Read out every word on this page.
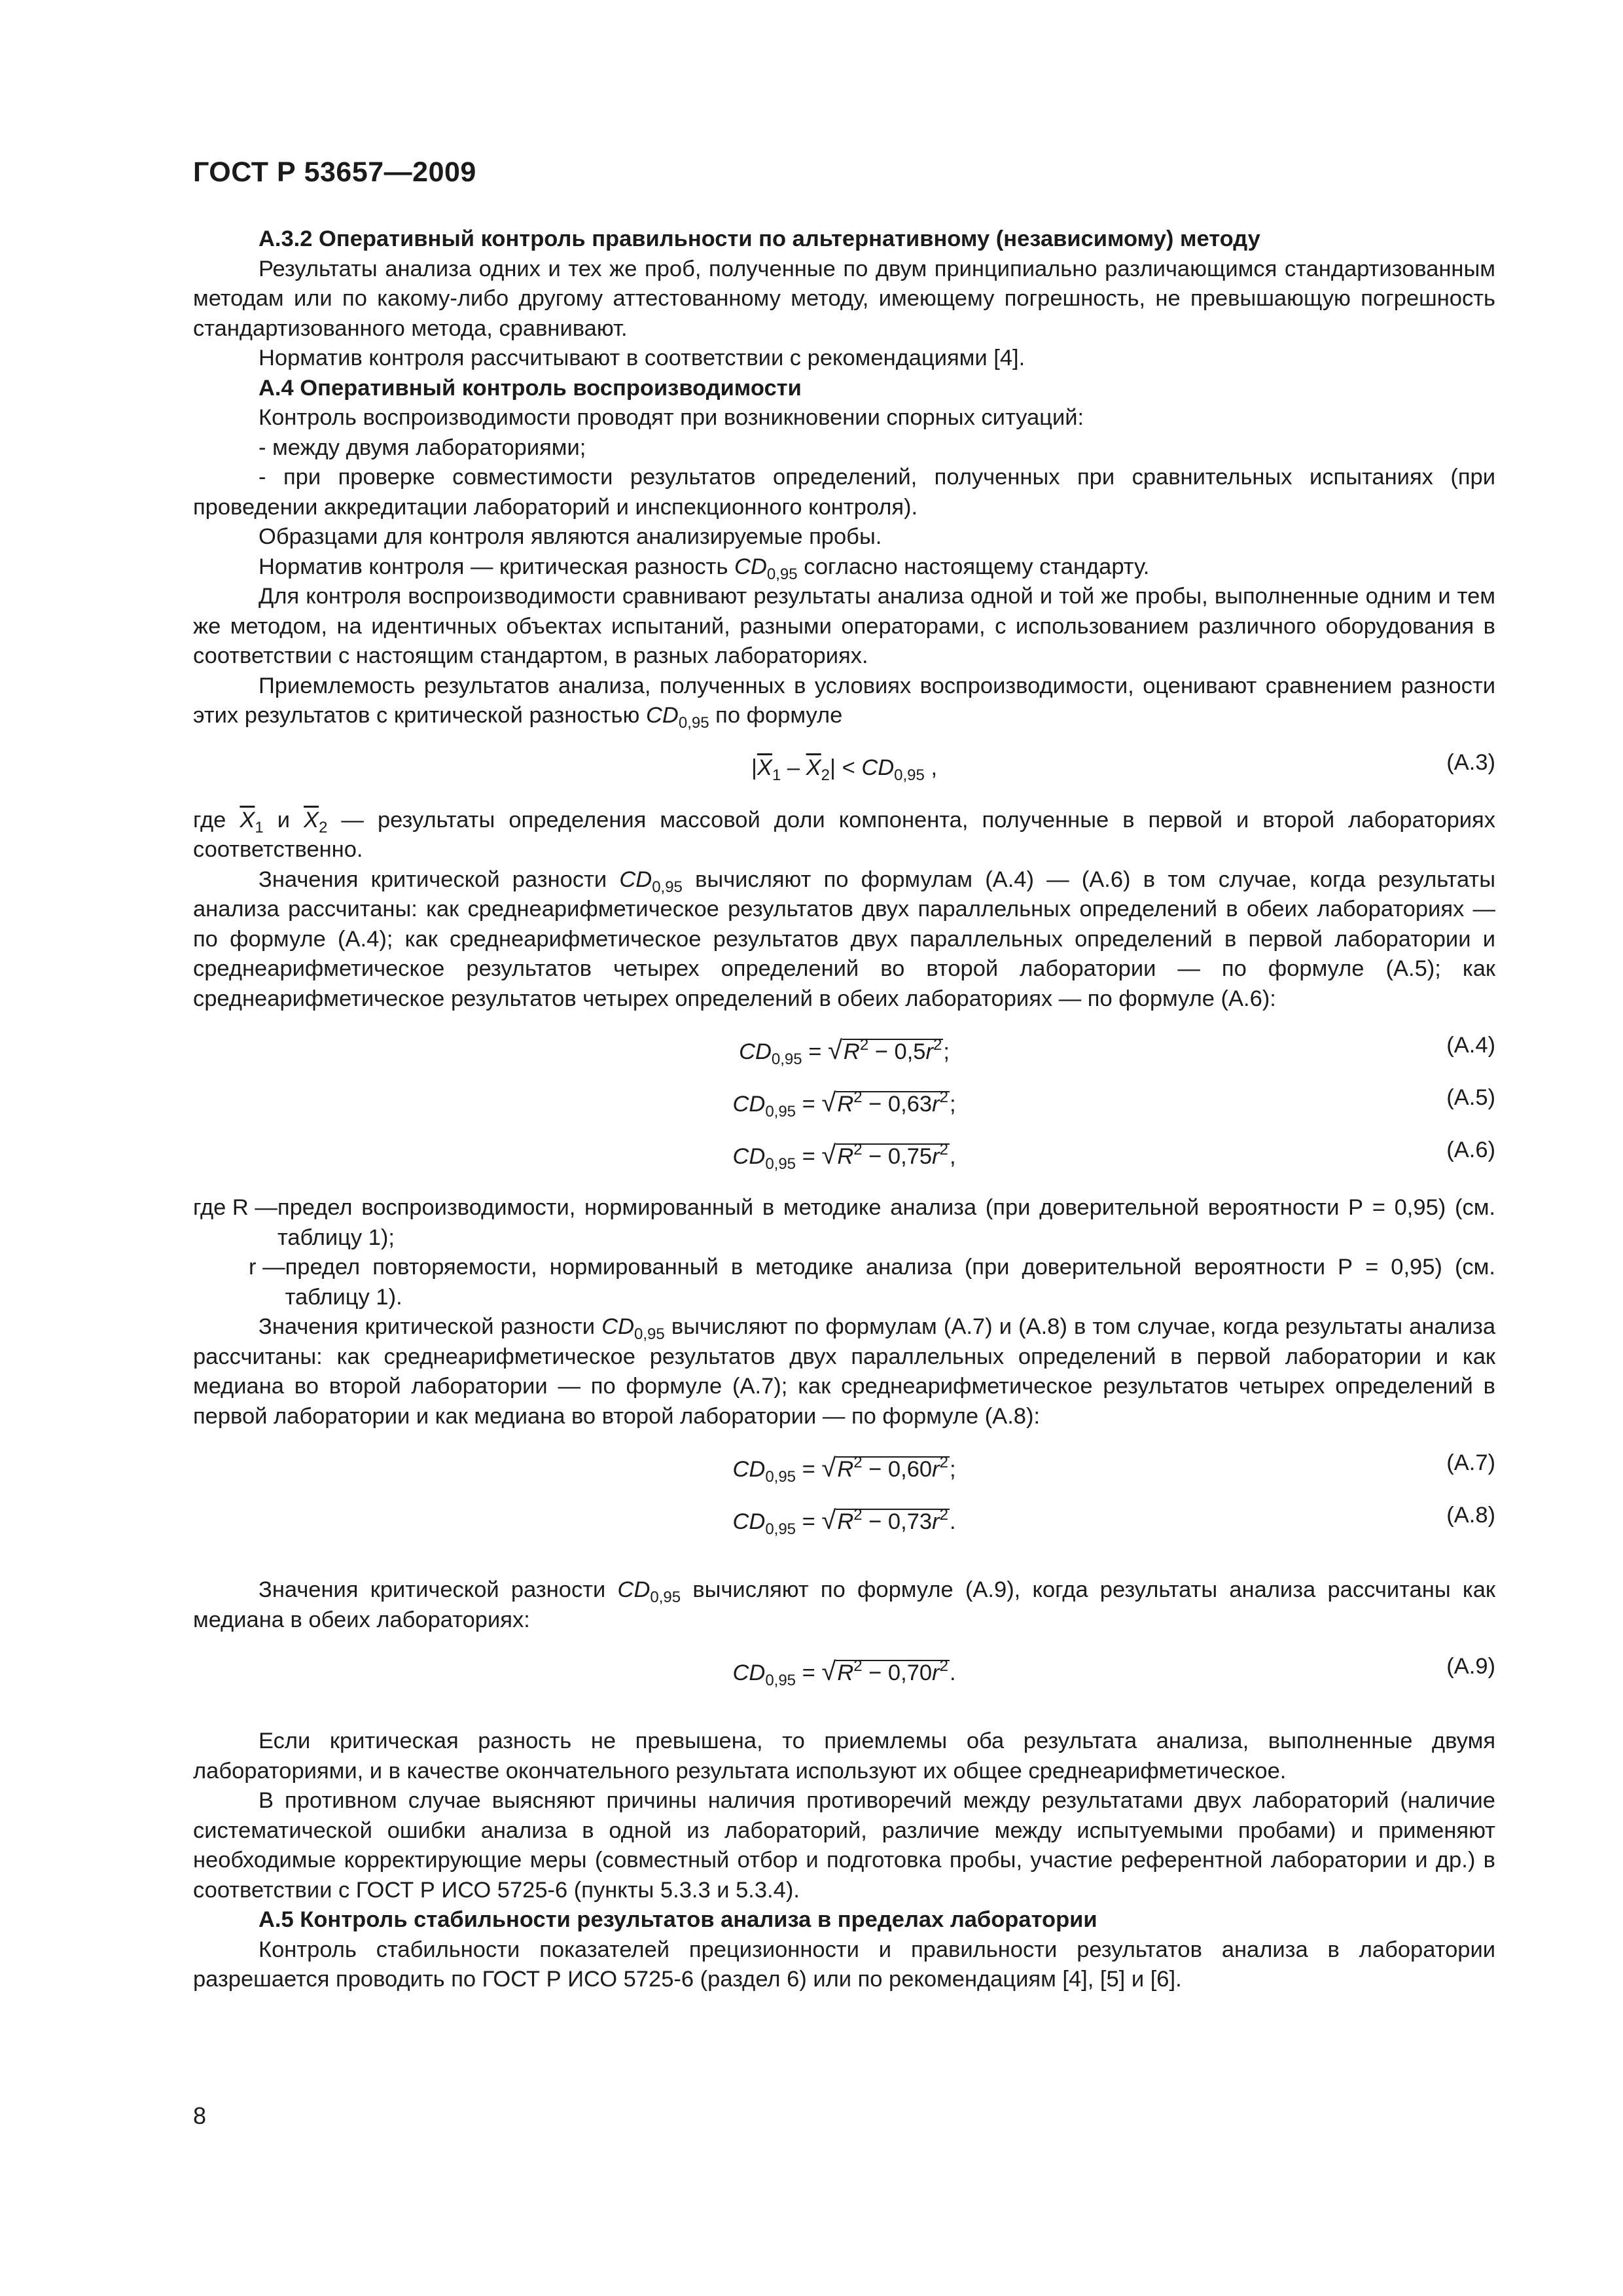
ГОСТ Р 53657—2009

А.3.2 Оперативный контроль правильности по альтернативному (независимому) методу

Результаты анализа одних и тех же проб, полученные по двум принципиально различающимся стандартизованным методам или по какому-либо другому аттестованному методу, имеющему погрешность, не превышающую погрешность стандартизованного метода, сравнивают.

Норматив контроля рассчитывают в соответствии с рекомендациями [4].

А.4 Оперативный контроль воспроизводимости

Контроль воспроизводимости проводят при возникновении спорных ситуаций:

- между двумя лабораториями;

- при проверке совместимости результатов определений, полученных при сравнительных испытаниях (при проведении аккредитации лабораторий и инспекционного контроля).

Образцами для контроля являются анализируемые пробы.

Норматив контроля — критическая разность $CD_{0,95}$ согласно настоящему стандарту.

Для контроля воспроизводимости сравнивают результаты анализа одной и той же пробы, выполненные одним и тем же методом, на идентичных объектах испытаний, разными операторами, с использованием различного оборудования в соответствии с настоящим стандартом, в разных лабораториях.

Приемлемость результатов анализа, полученных в условиях воспроизводимости, оценивают сравнением разности этих результатов с критической разностью $CD_{0,95}$ по формуле

$|\overline{X}_1 - \overline{X}_2| < CD_{0,95}$ ,	(А.3)

где $\overline{X}_1$ и $\overline{X}_2$ — результаты определения массовой доли компонента, полученные в первой и второй лабораториях соответственно.

Значения критической разности $CD_{0,95}$ вычисляют по формулам (А.4) — (А.6) в том случае, когда результаты анализа рассчитаны: как среднеарифметическое результатов двух параллельных определений в обеих лабораториях — по формуле (А.4); как среднеарифметическое результатов двух параллельных определений в первой лаборатории и среднеарифметическое результатов четырех определений во второй лаборатории — по формуле (А.5); как среднеарифметическое результатов четырех определений в обеих лабораториях — по формуле (А.6):

$CD_{0,95} = √R^2 - 0,5r^2$;	(А.4)
$CD_{0,95} = √R^2 - 0,63r^2$;	(А.5)
$CD_{0,95} = √R^2 - 0,75r^2$,	(А.6)
где R — предел воспроизводимости, нормированный в методике анализа (при доверительной вероятности Р = 0,95) (см. таблицу 1);
r — предел повторяемости, нормированный в методике анализа (при доверительной вероятности Р = 0,95) (см. таблицу 1).

Значения критической разности $CD_{0,95}$ вычисляют по формулам (А.7) и (А.8) в том случае, когда результаты анализа рассчитаны: как среднеарифметическое результатов двух параллельных определений в первой лаборатории и как медиана во второй лаборатории — по формуле (А.7); как среднеарифметическое результатов четырех определений в первой лаборатории и как медиана во второй лаборатории — по формуле (А.8):

$CD_{0,95} = √R^2 - 0,60r^2$;	(А.7)
$CD_{0,95} = √R^2 - 0,73r^2$.	(А.8)

Значения критической разности $CD_{0,95}$ вычисляют по формуле (А.9), когда результаты анализа рассчитаны как медиана в обеих лабораториях:

$CD_{0,95} = √R^2 - 0,70r^2$.	(А.9)

Если критическая разность не превышена, то приемлемы оба результата анализа, выполненные двумя лабораториями, и в качестве окончательного результата используют их общее среднеарифметическое.

В противном случае выясняют причины наличия противоречий между результатами двух лабораторий (наличие систематической ошибки анализа в одной из лабораторий, различие между испытуемыми пробами) и применяют необходимые корректирующие меры (совместный отбор и подготовка пробы, участие референтной лаборатории и др.) в соответствии с ГОСТ Р ИСО 5725-6 (пункты 5.3.3 и 5.3.4).

А.5 Контроль стабильности результатов анализа в пределах лаборатории

Контроль стабильности показателей прецизионности и правильности результатов анализа в лаборатории разрешается проводить по ГОСТ Р ИСО 5725-6 (раздел 6) или по рекомендациям [4], [5] и [6].

8
